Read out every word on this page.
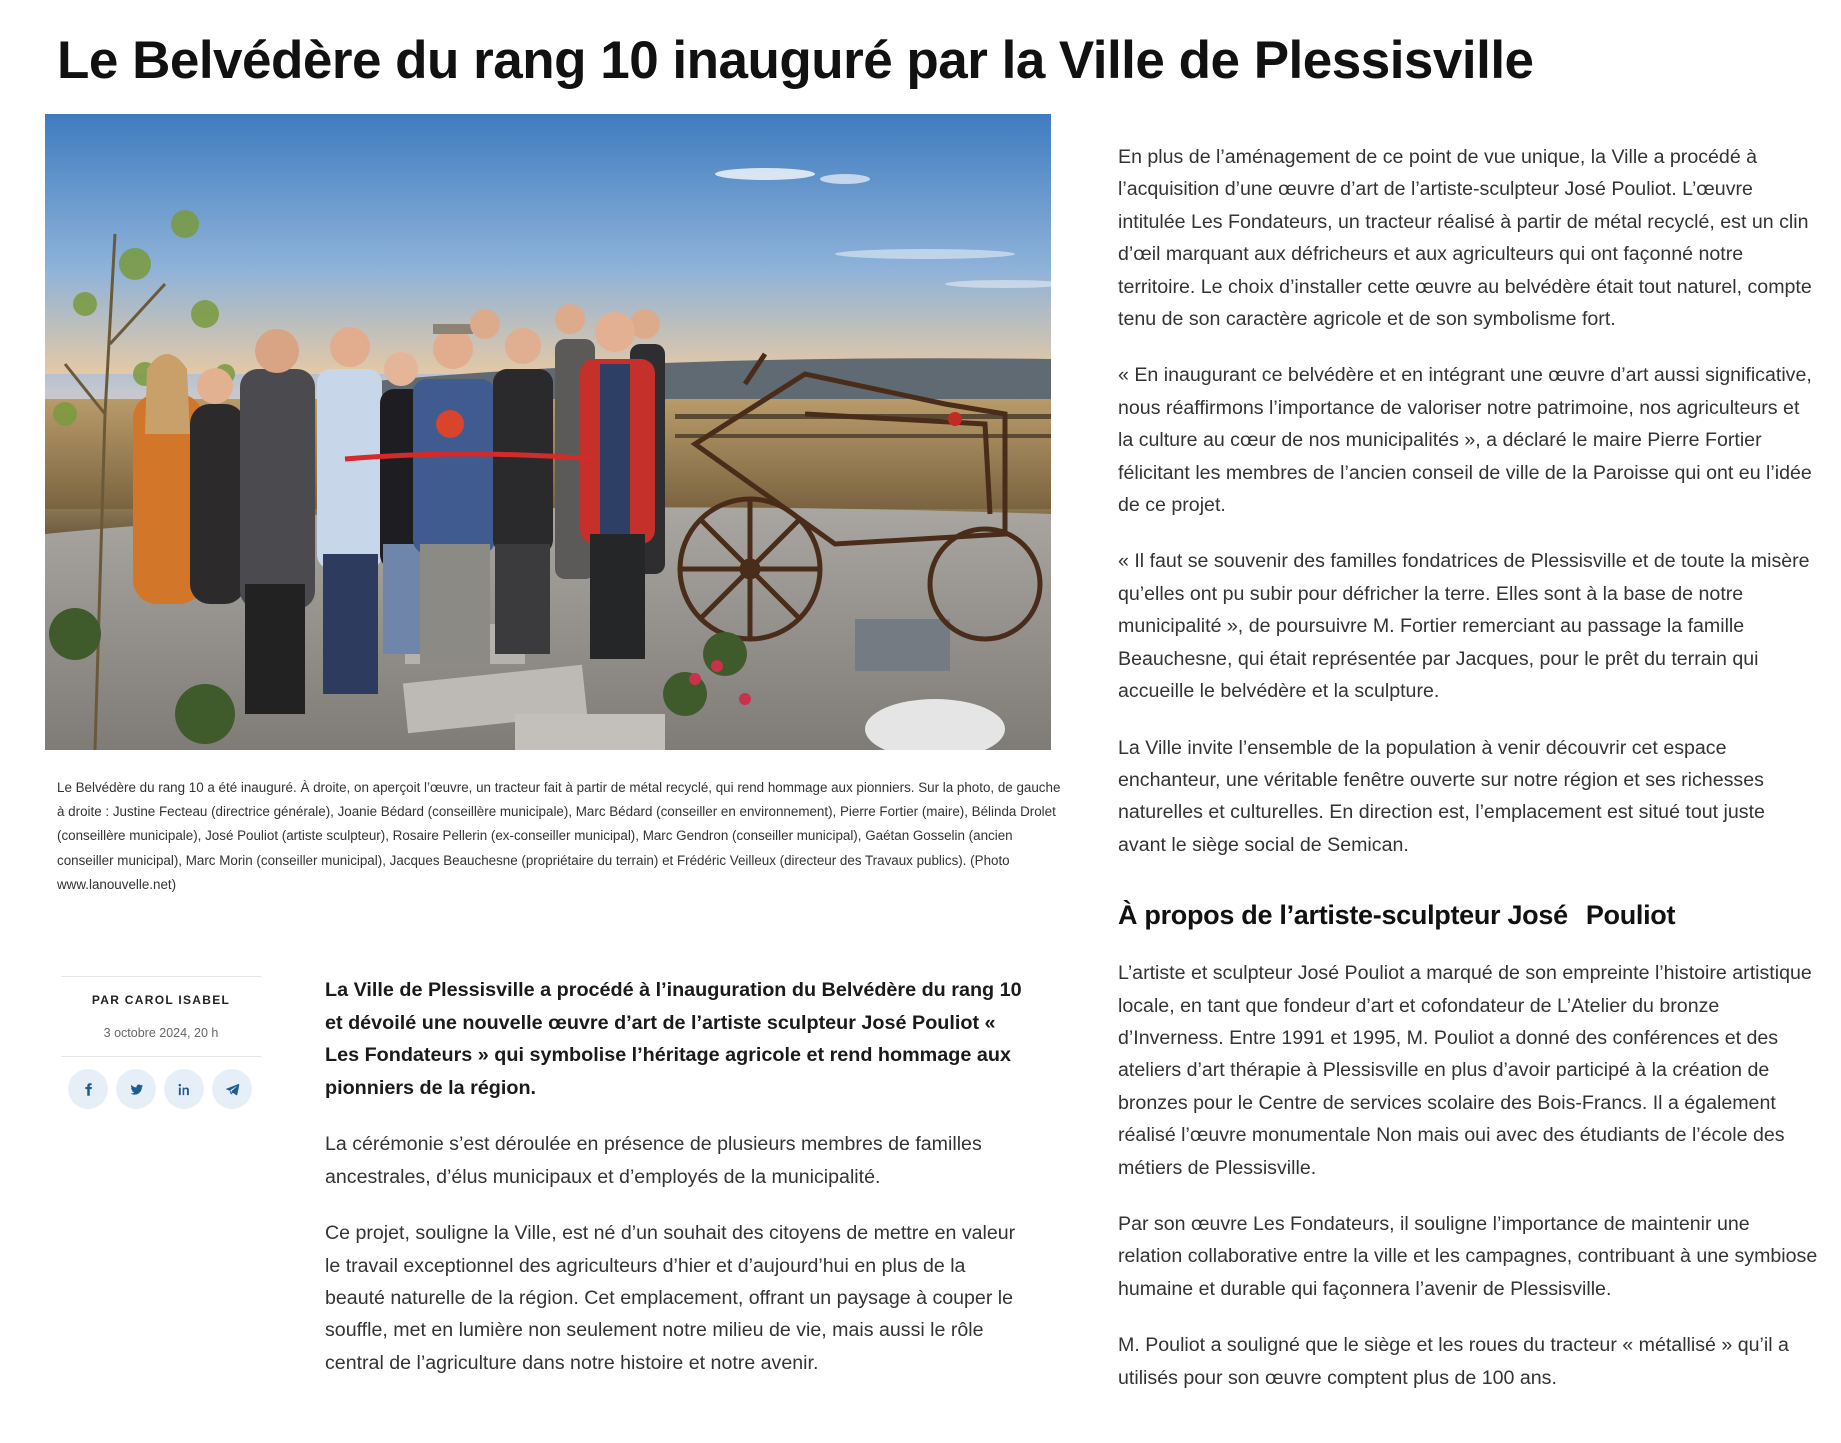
Le Belvédère du rang 10 inauguré par la Ville de Plessisville

Le Belvédère du rang 10 a été inauguré. À droite, on aperçoit l’œuvre, un tracteur fait à partir de métal recyclé, qui rend hommage aux pionniers. Sur la photo, de gauche à droite : Justine Fecteau (directrice générale), Joanie Bédard (conseillère municipale), Marc Bédard (conseiller en environnement), Pierre Fortier (maire), Bélinda Drolet (conseillère municipale), José Pouliot (artiste sculpteur), Rosaire Pellerin (ex-conseiller municipal), Marc Gendron (conseiller municipal), Gaétan Gosselin (ancien conseiller municipal), Marc Morin (conseiller municipal), Jacques Beauchesne (propriétaire du terrain) et Frédéric Veilleux (directeur des Travaux publics). (Photo www.lanouvelle.net)

PAR CAROL ISABEL
3 octobre 2024, 20 h

La Ville de Plessisville a procédé à l’inauguration du Belvédère du rang 10 et dévoilé une nouvelle œuvre d’art de l’artiste sculpteur José Pouliot « Les Fondateurs » qui symbolise l’héritage agricole et rend hommage aux pionniers de la région.

La cérémonie s’est déroulée en présence de plusieurs membres de familles ancestrales, d’élus municipaux et d’employés de la municipalité.

Ce projet, souligne la Ville, est né d’un souhait des citoyens de mettre en valeur le travail exceptionnel des agriculteurs d’hier et d’aujourd’hui en plus de la beauté naturelle de la région. Cet emplacement, offrant un paysage à couper le souffle, met en lumière non seulement notre milieu de vie, mais aussi le rôle central de l’agriculture dans notre histoire et notre avenir.

En plus de l’aménagement de ce point de vue unique, la Ville a procédé à l’acquisition d’une œuvre d’art de l’artiste-sculpteur José Pouliot. L’œuvre intitulée Les Fondateurs, un tracteur réalisé à partir de métal recyclé, est un clin d’œil marquant aux défricheurs et aux agriculteurs qui ont façonné notre territoire. Le choix d’installer cette œuvre au belvédère était tout naturel, compte tenu de son caractère agricole et de son symbolisme fort.

« En inaugurant ce belvédère et en intégrant une œuvre d’art aussi significative, nous réaffirmons l’importance de valoriser notre patrimoine, nos agriculteurs et la culture au cœur de nos municipalités », a déclaré le maire Pierre Fortier félicitant les membres de l’ancien conseil de ville de la Paroisse qui ont eu l’idée de ce projet.

« Il faut se souvenir des familles fondatrices de Plessisville et de toute la misère qu’elles ont pu subir pour défricher la terre. Elles sont à la base de notre municipalité », de poursuivre M. Fortier remerciant au passage la famille Beauchesne, qui était représentée par Jacques, pour le prêt du terrain qui accueille le belvédère et la sculpture.

La Ville invite l’ensemble de la population à venir découvrir cet espace enchanteur, une véritable fenêtre ouverte sur notre région et ses richesses naturelles et culturelles. En direction est, l’emplacement est situé tout juste avant le siège social de Semican.

À propos de l’artiste-sculpteur José Pouliot

L’artiste et sculpteur José Pouliot a marqué de son empreinte l’histoire artistique locale, en tant que fondeur d’art et cofondateur de L’Atelier du bronze d’Inverness. Entre 1991 et 1995, M. Pouliot a donné des conférences et des ateliers d’art thérapie à Plessisville en plus d’avoir participé à la création de bronzes pour le Centre de services scolaire des Bois-Francs. Il a également réalisé l’œuvre monumentale Non mais oui avec des étudiants de l’école des métiers de Plessisville.

Par son œuvre Les Fondateurs, il souligne l’importance de maintenir une relation collaborative entre la ville et les campagnes, contribuant à une symbiose humaine et durable qui façonnera l’avenir de Plessisville.

M. Pouliot a souligné que le siège et les roues du tracteur « métallisé » qu’il a utilisés pour son œuvre comptent plus de 100 ans.
